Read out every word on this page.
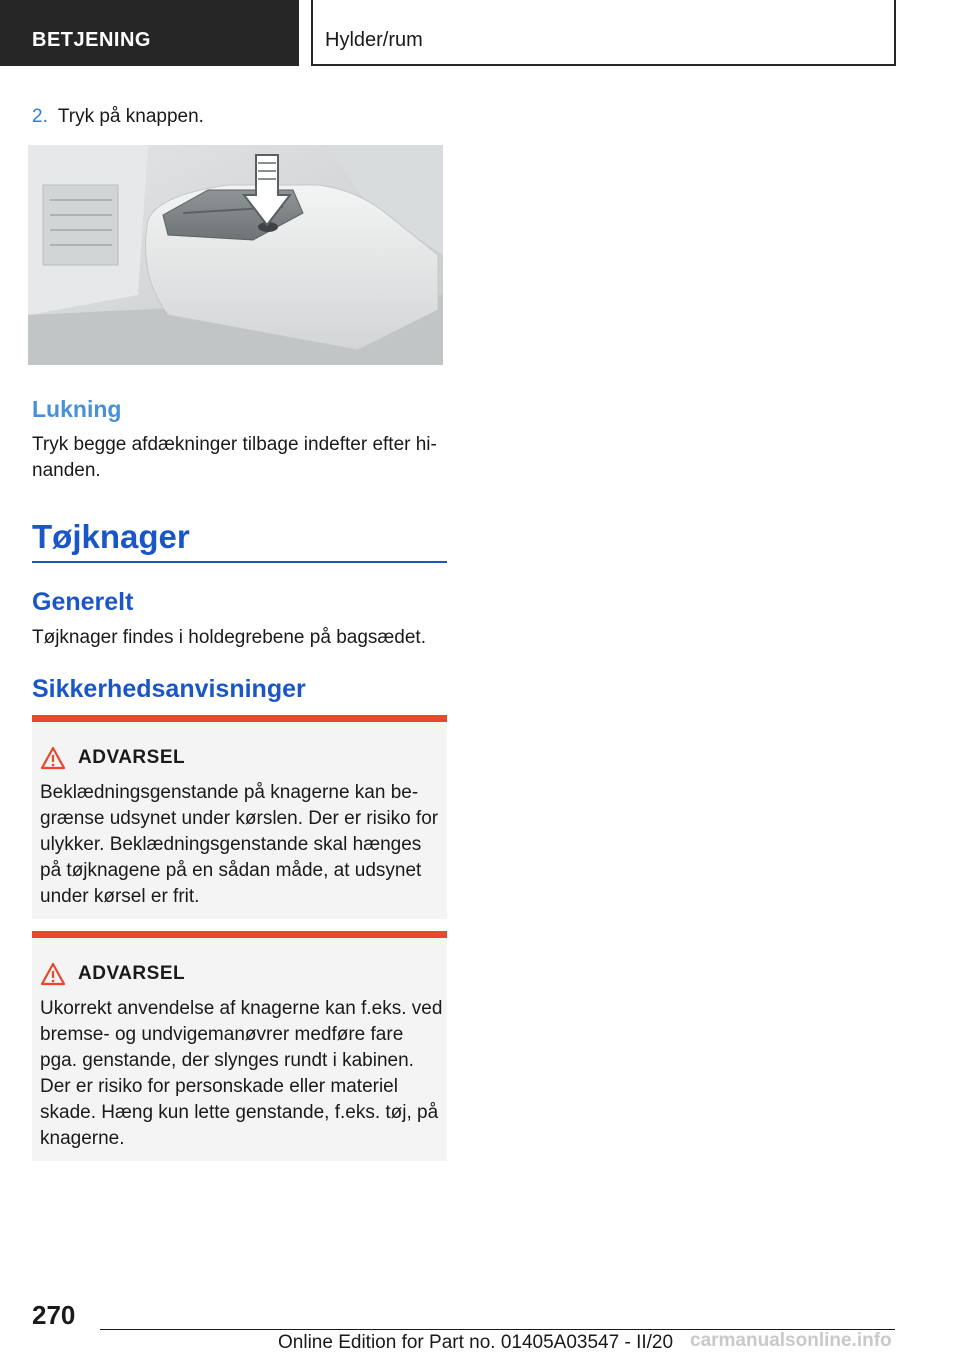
BETJENING	Hylder/rum
2. Tryk på knappen.
Lukning
Tryk begge afdækninger tilbage indefter efter hi-nanden.
Tøjknager
Generelt
Tøjknager findes i holdegrebene på bagsædet.
Sikkerhedsanvisninger
ADVARSEL
Beklædningsgenstande på knagerne kan be-grænse udsynet under kørslen. Der er risiko for ulykker. Beklædningsgenstande skal hænges på tøjknagene på en sådan måde, at udsynet under kørsel er frit.
ADVARSEL
Ukorrekt anvendelse af knagerne kan f.eks. ved bremse- og undvigemanøvrer medføre fare pga. genstande, der slynges rundt i kabinen. Der er risiko for personskade eller materiel skade. Hæng kun lette genstande, f.eks. tøj, på knagerne.
270
Online Edition for Part no. 01405A03547 - II/20 carmanualsonline.info
